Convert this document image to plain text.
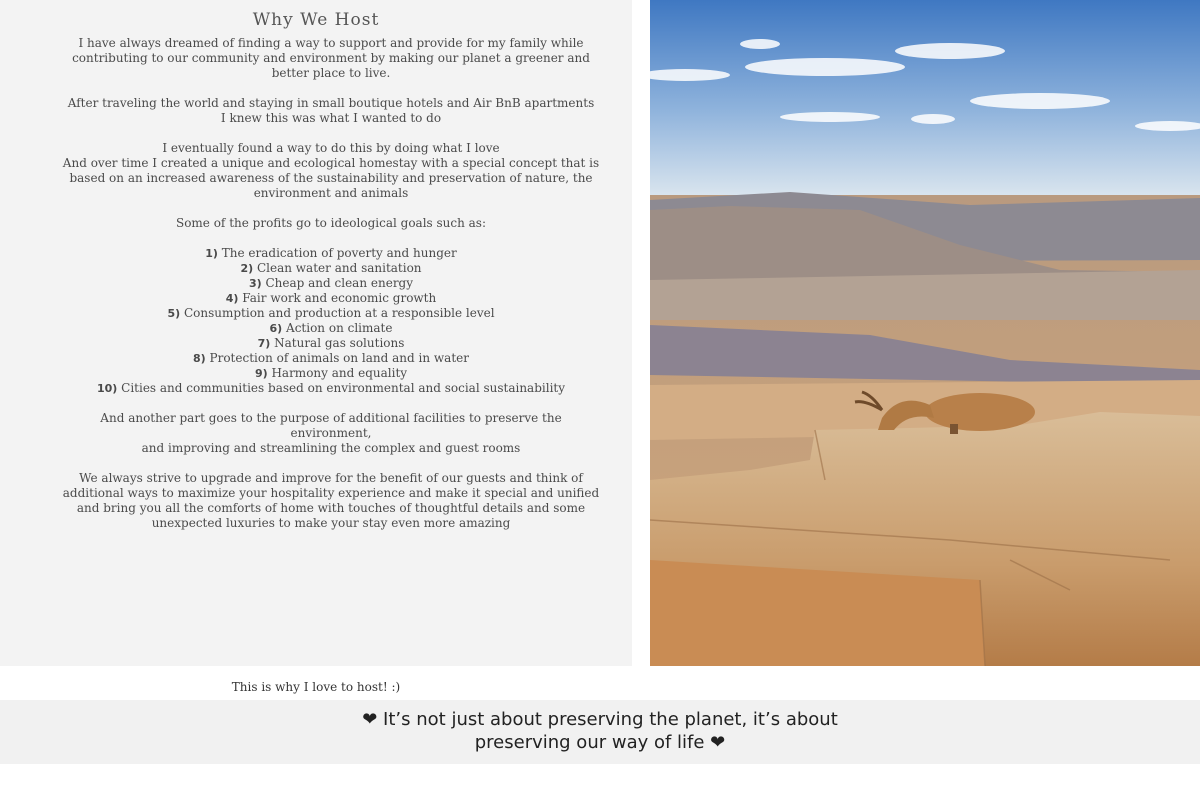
Why We Host

I have always dreamed of finding a way to support and provide for my family while contributing to our community and environment by making our planet a greener and better place to live.

After traveling the world and staying in small boutique hotels and Air BnB apartments
I knew this was what I wanted to do

I eventually found a way to do this by doing what I love
And over time I created a unique and ecological homestay with a special concept that is based on an increased awareness of the sustainability and preservation of nature, the environment and animals

Some of the profits go to ideological goals such as:

1) The eradication of poverty and hunger
2) Clean water and sanitation
3) Cheap and clean energy
4) Fair work and economic growth
5) Consumption and production at a responsible level
6) Action on climate
7) Natural gas solutions
8) Protection of animals on land and in water
9) Harmony and equality
10) Cities and communities based on environmental and social sustainability

And another part goes to the purpose of additional facilities to preserve the environment,
and improving and streamlining the complex and guest rooms

We always strive to upgrade and improve for the benefit of our guests and think of additional ways to maximize your hospitality experience and make it special and unified
and bring you all the comforts of home with touches of thoughtful details and some unexpected luxuries to make your stay even more amazing

This is why I love to host! :)
❤ It’s not just about preserving the planet, it’s about
preserving our way of life ❤
